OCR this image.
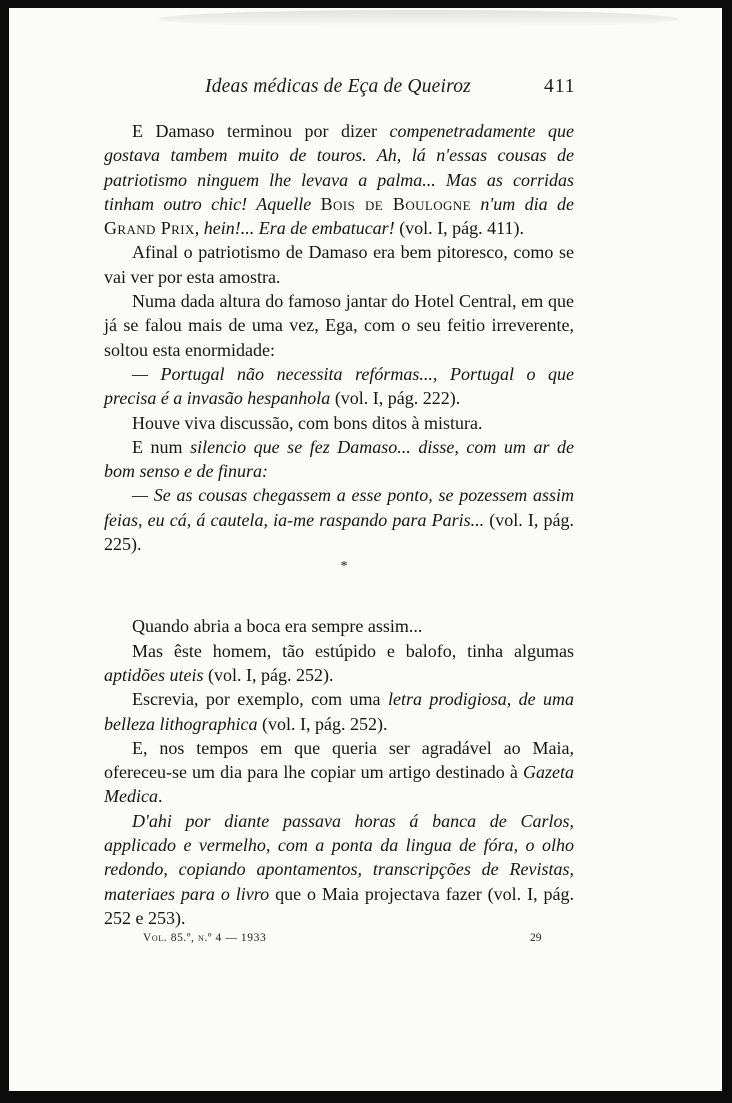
Ideas médicas de Eça de Queiroz	411

E Damaso terminou por dizer compenetradamente que gostava tambem muito de touros. Ah, lá n'essas cousas de patriotismo ninguem lhe levava a palma... Mas as corridas tinham outro chic! Aquelle Bois de Boulogne n'um dia de Grand Prix, hein!... Era de embatucar! (vol. I, pág. 411).

Afinal o patriotismo de Damaso era bem pitoresco, como se vai ver por esta amostra.

Numa dada altura do famoso jantar do Hotel Central, em que já se falou mais de uma vez, Ega, com o seu feitio irreverente, soltou esta enormidade:

— Portugal não necessita refórmas..., Portugal o que precisa é a invasão hespanhola (vol. I, pág. 222).

Houve viva discussão, com bons ditos à mistura.

E num silencio que se fez Damaso... disse, com um ar de bom senso e de finura:

— Se as cousas chegassem a esse ponto, se pozessem assim feias, eu cá, á cautela, ia-me raspando para Paris... (vol. I, pág. 225).

*

Quando abria a boca era sempre assim...

Mas êste homem, tão estúpido e balofo, tinha algumas aptidões uteis (vol. I, pág. 252).

Escrevia, por exemplo, com uma letra prodigiosa, de uma belleza lithographica (vol. I, pág. 252).

E, nos tempos em que queria ser agradável ao Maia, ofereceu-se um dia para lhe copiar um artigo destinado à Gazeta Medica.

D'ahi por diante passava horas á banca de Carlos, applicado e vermelho, com a ponta da lingua de fóra, o olho redondo, copiando apontamentos, transcripções de Revistas, materiaes para o livro que o Maia projectava fazer (vol. I, pág. 252 e 253).

Vol. 85.º, n.º 4 — 1933	29
